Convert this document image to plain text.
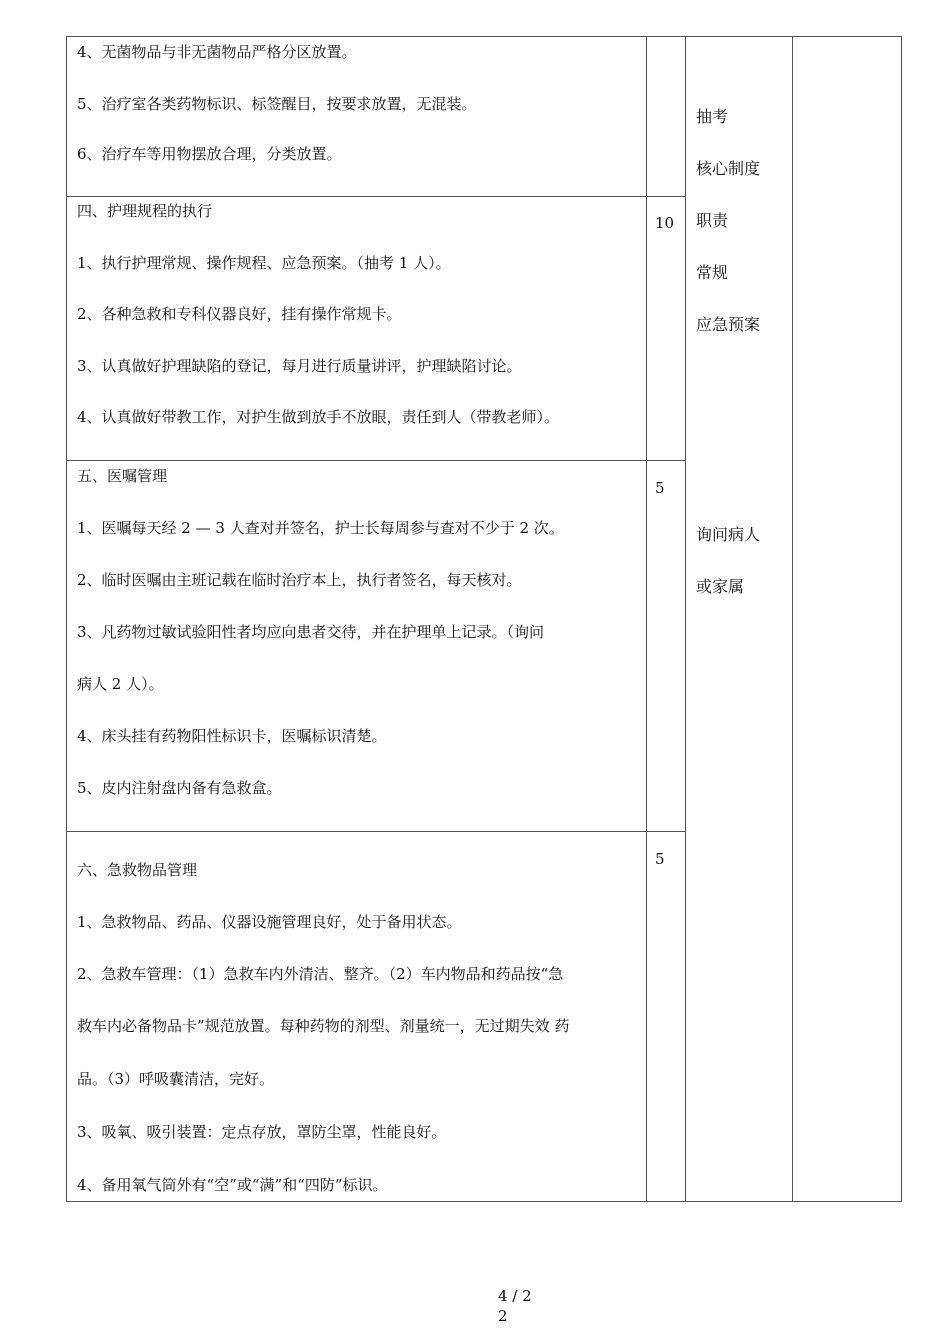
4、无菌物品与非无菌物品严格分区放置。
5、治疗室各类药物标识、标签醒目，按要求放置，无混装。
6、治疗车等用物摆放合理，分类放置。
四、护理规程的执行
1、执行护理常规、操作规程、应急预案。（抽考 1 人）。
2、各种急救和专科仪器良好，挂有操作常规卡。
3、认真做好护理缺陷的登记，每月进行质量讲评，护理缺陷讨论。
4、认真做好带教工作，对护生做到放手不放眼，责任到人（带教老师）。
10
五、医嘱管理
1、医嘱每天经 2 — 3 人查对并签名，护士长每周参与查对不少于 2 次。
2、临时医嘱由主班记载在临时治疗本上，执行者签名，每天核对。
3、凡药物过敏试验阳性者均应向患者交待，并在护理单上记录。（询问
病人 2 人）。
4、床头挂有药物阳性标识卡，医嘱标识清楚。
5、皮内注射盘内备有急救盒。
5
六、急救物品管理
1、急救物品、药品、仪器设施管理良好，处于备用状态。
2、急救车管理：（1）急救车内外清洁、整齐。（2）车内物品和药品按“急
救车内必备物品卡”规范放置。每种药物的剂型、剂量统一，无过期失效 药
品。（3）呼吸囊清洁，完好。
3、吸氧、吸引装置：定点存放，罩防尘罩，性能良好。
4、备用氧气筒外有“空”或“满”和“四防”标识。
5
抽考
核心制度
职责
常规
应急预案
询问病人
或家属
4 / 2
2
